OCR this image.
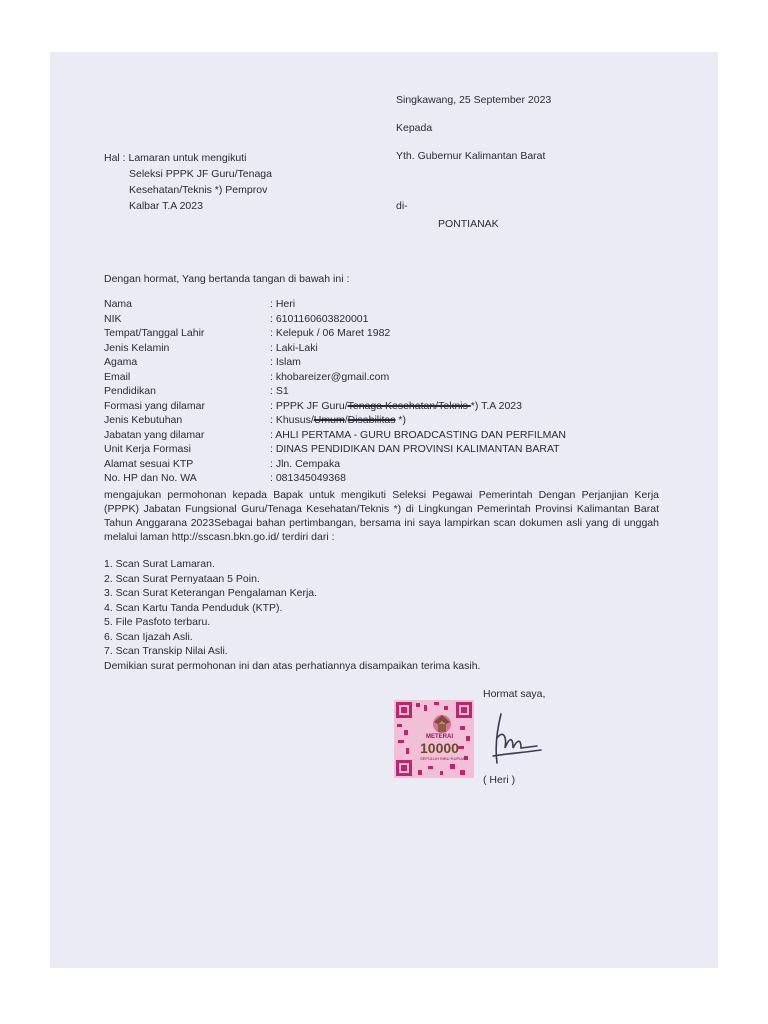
Singkawang, 25 September 2023
Kepada
Yth. Gubernur Kalimantan Barat
di-
PONTIANAK
Hal : Lamaran untuk mengikuti
Seleksi PPPK JF Guru/Tenaga
Kesehatan/Teknis *) Pemprov
Kalbar T.A 2023
Dengan hormat, Yang bertanda tangan di bawah ini :
Nama	: Heri
NIK	: 6101160603820001
Tempat/Tanggal Lahir	: Kelepuk / 06 Maret 1982
Jenis Kelamin	: Laki-Laki
Agama	: Islam
Email	: khobareizer@gmail.com
Pendidikan	: S1
Formasi yang dilamar	: PPPK JF Guru/Tenaga Kesehatan/Teknis *) T.A 2023
Jenis Kebutuhan	: Khusus/Umum/Disabilitas *)
Jabatan yang dilamar	: AHLI PERTAMA - GURU BROADCASTING DAN PERFILMAN
Unit Kerja Formasi	: DINAS PENDIDIKAN DAN PROVINSI KALIMANTAN BARAT
Alamat sesuai KTP	: Jln. Cempaka
No. HP dan No. WA	: 081345049368
mengajukan permohonan kepada Bapak untuk mengikuti Seleksi Pegawai Pemerintah Dengan Perjanjian Kerja (PPPK) Jabatan Fungsional Guru/Tenaga Kesehatan/Teknis *) di Lingkungan Pemerintah Provinsi Kalimantan Barat Tahun Anggarana 2023Sebagai bahan pertimbangan, bersama ini saya lampirkan scan dokumen asli yang di unggah melalui laman http://sscasn.bkn.go.id/ terdiri dari :
1. Scan Surat Lamaran.
2. Scan Surat Pernyataan 5 Poin.
3. Scan Surat Keterangan Pengalaman Kerja.
4. Scan Kartu Tanda Penduduk (KTP).
5. File Pasfoto terbaru.
6. Scan Ijazah Asli.
7. Scan Transkip Nilai Asli.
Demikian surat permohonan ini dan atas perhatiannya disampaikan terima kasih.
Hormat saya,
METERAI
10000
SEPULUH RIBU RUPIAH
( Heri )
